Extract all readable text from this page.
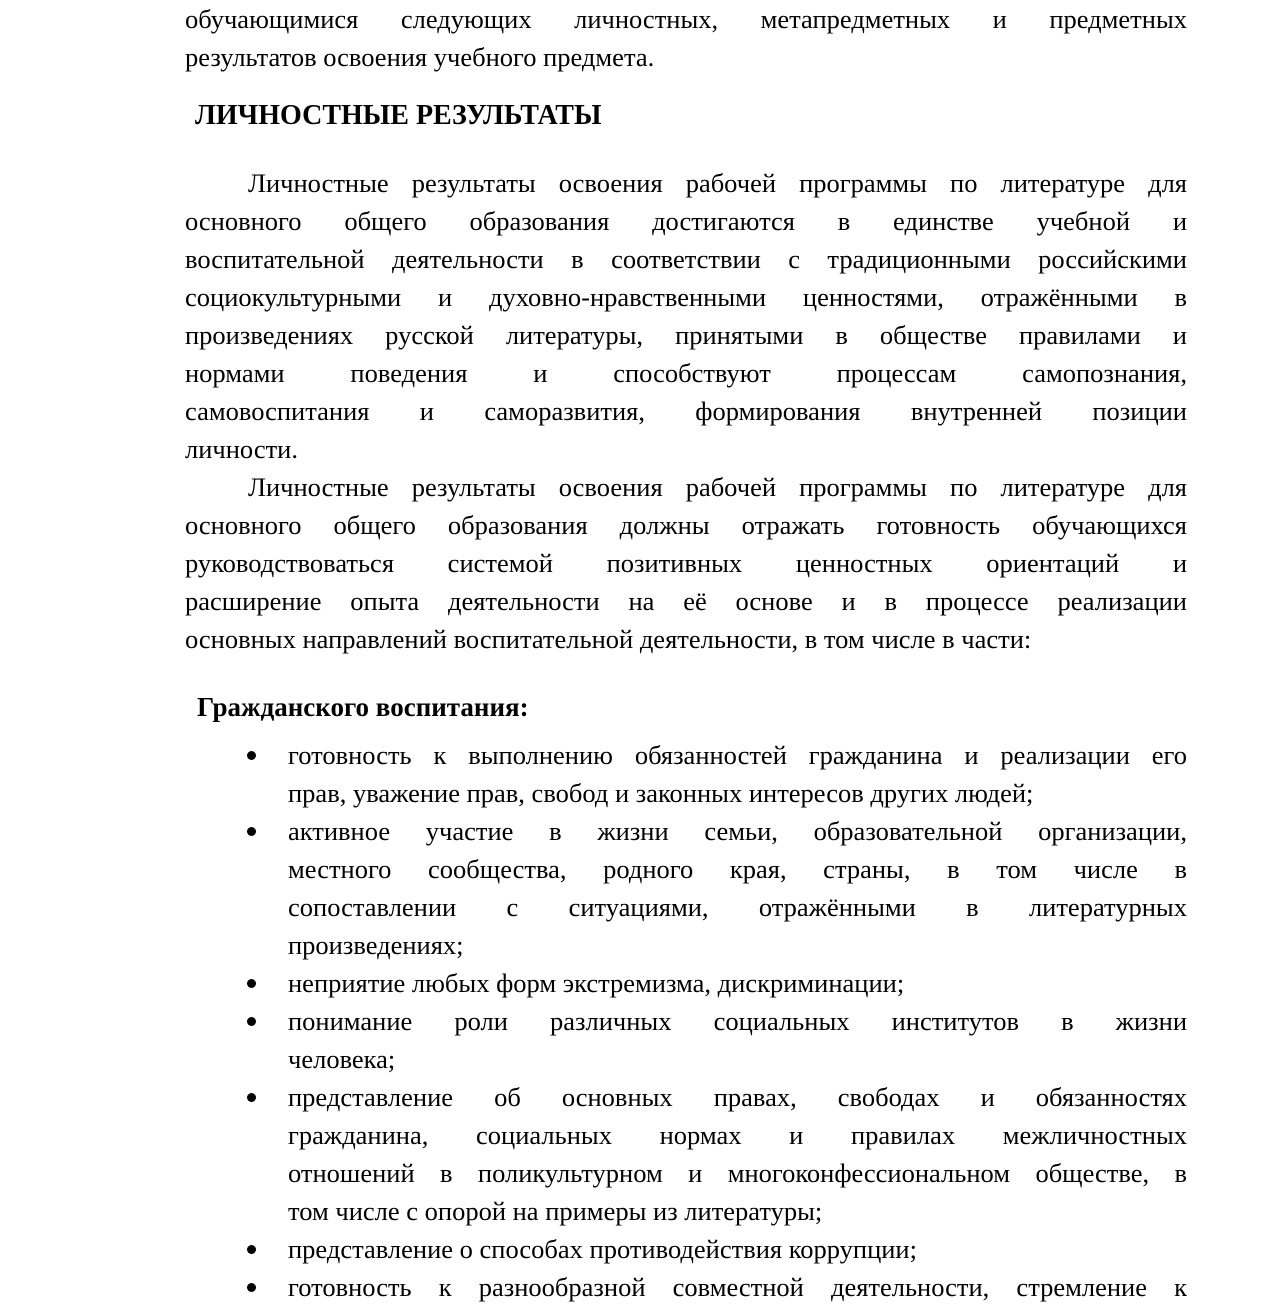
обучающимися следующих личностных, метапредметных и предметных
результатов освоения учебного предмета.
ЛИЧНОСТНЫЕ РЕЗУЛЬТАТЫ
Личностные результаты освоения рабочей программы по литературе для
основного общего образования достигаются в единстве учебной и
воспитательной деятельности в соответствии с традиционными российскими
социокультурными и духовно-нравственными ценностями, отражёнными в
произведениях русской литературы, принятыми в обществе правилами и
нормами поведения и способствуют процессам самопознания,
самовоспитания и саморазвития, формирования внутренней позиции
личности.
Личностные результаты освоения рабочей программы по литературе для
основного общего образования должны отражать готовность обучающихся
руководствоваться системой позитивных ценностных ориентаций и
расширение опыта деятельности на её основе и в процессе реализации
основных направлений воспитательной деятельности, в том числе в части:
Гражданского воспитания:
готовность к выполнению обязанностей гражданина и реализации его
прав, уважение прав, свобод и законных интересов других людей;
активное участие в жизни семьи, образовательной организации,
местного сообщества, родного края, страны, в том числе в
сопоставлении с ситуациями, отражёнными в литературных
произведениях;
неприятие любых форм экстремизма, дискриминации;
понимание роли различных социальных институтов в жизни
человека;
представление об основных правах, свободах и обязанностях
гражданина, социальных нормах и правилах межличностных
отношений в поликультурном и многоконфессиональном обществе, в
том числе с опорой на примеры из литературы;
представление о способах противодействия коррупции;
готовность к разнообразной совместной деятельности, стремление к
